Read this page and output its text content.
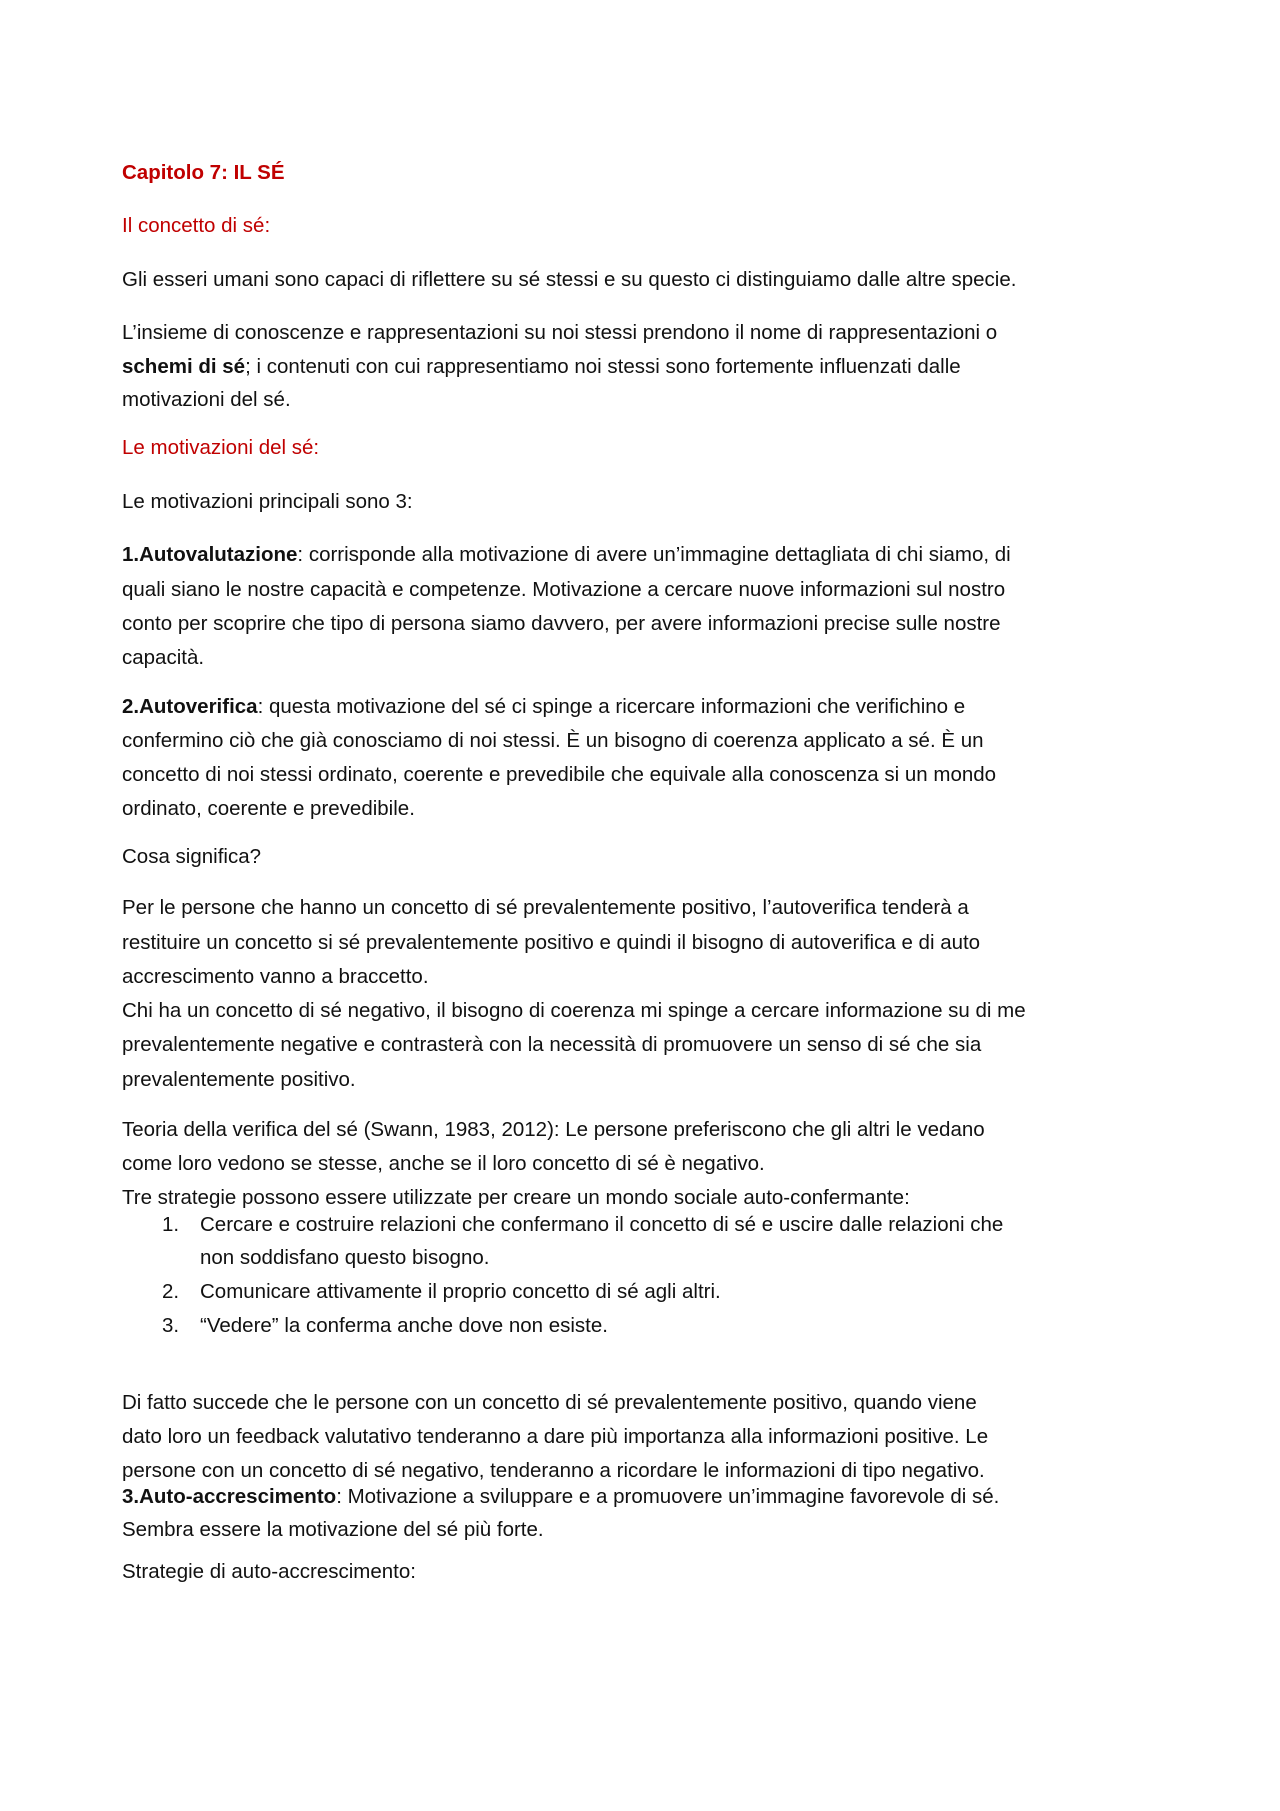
Capitolo 7: IL SÉ
Il concetto di sé:
Gli esseri umani sono capaci di riflettere su sé stessi e su questo ci distinguiamo dalle altre specie.
L’insieme di conoscenze e rappresentazioni su noi stessi prendono il nome di rappresentazioni o
schemi di sé; i contenuti con cui rappresentiamo noi stessi sono fortemente influenzati dalle
motivazioni del sé.
Le motivazioni del sé:
Le motivazioni principali sono 3:
1.Autovalutazione: corrisponde alla motivazione di avere un’immagine dettagliata di chi siamo, di
quali siano le nostre capacità e competenze. Motivazione a cercare nuove informazioni sul nostro
conto per scoprire che tipo di persona siamo davvero, per avere informazioni precise sulle nostre
capacità.
2.Autoverifica: questa motivazione del sé ci spinge a ricercare informazioni che verifichino e
confermino ciò che già conosciamo di noi stessi. È un bisogno di coerenza applicato a sé. È un
concetto di noi stessi ordinato, coerente e prevedibile che equivale alla conoscenza si un mondo
ordinato, coerente e prevedibile.
Cosa significa?
Per le persone che hanno un concetto di sé prevalentemente positivo, l’autoverifica tenderà a
restituire un concetto si sé prevalentemente positivo e quindi il bisogno di autoverifica e di auto
accrescimento vanno a braccetto.
Chi ha un concetto di sé negativo, il bisogno di coerenza mi spinge a cercare informazione su di me
prevalentemente negative e contrasterà con la necessità di promuovere un senso di sé che sia
prevalentemente positivo.
Teoria della verifica del sé (Swann, 1983, 2012): Le persone preferiscono che gli altri le vedano
come loro vedono se stesse, anche se il loro concetto di sé è negativo.
Tre strategie possono essere utilizzate per creare un mondo sociale auto-confermante:
1. Cercare e costruire relazioni che confermano il concetto di sé e uscire dalle relazioni che
non soddisfano questo bisogno.
2. Comunicare attivamente il proprio concetto di sé agli altri.
3. “Vedere” la conferma anche dove non esiste.
Di fatto succede che le persone con un concetto di sé prevalentemente positivo, quando viene
dato loro un feedback valutativo tenderanno a dare più importanza alla informazioni positive. Le
persone con un concetto di sé negativo, tenderanno a ricordare le informazioni di tipo negativo.
3.Auto-accrescimento: Motivazione a sviluppare e a promuovere un’immagine favorevole di sé.
Sembra essere la motivazione del sé più forte.
Strategie di auto-accrescimento:
